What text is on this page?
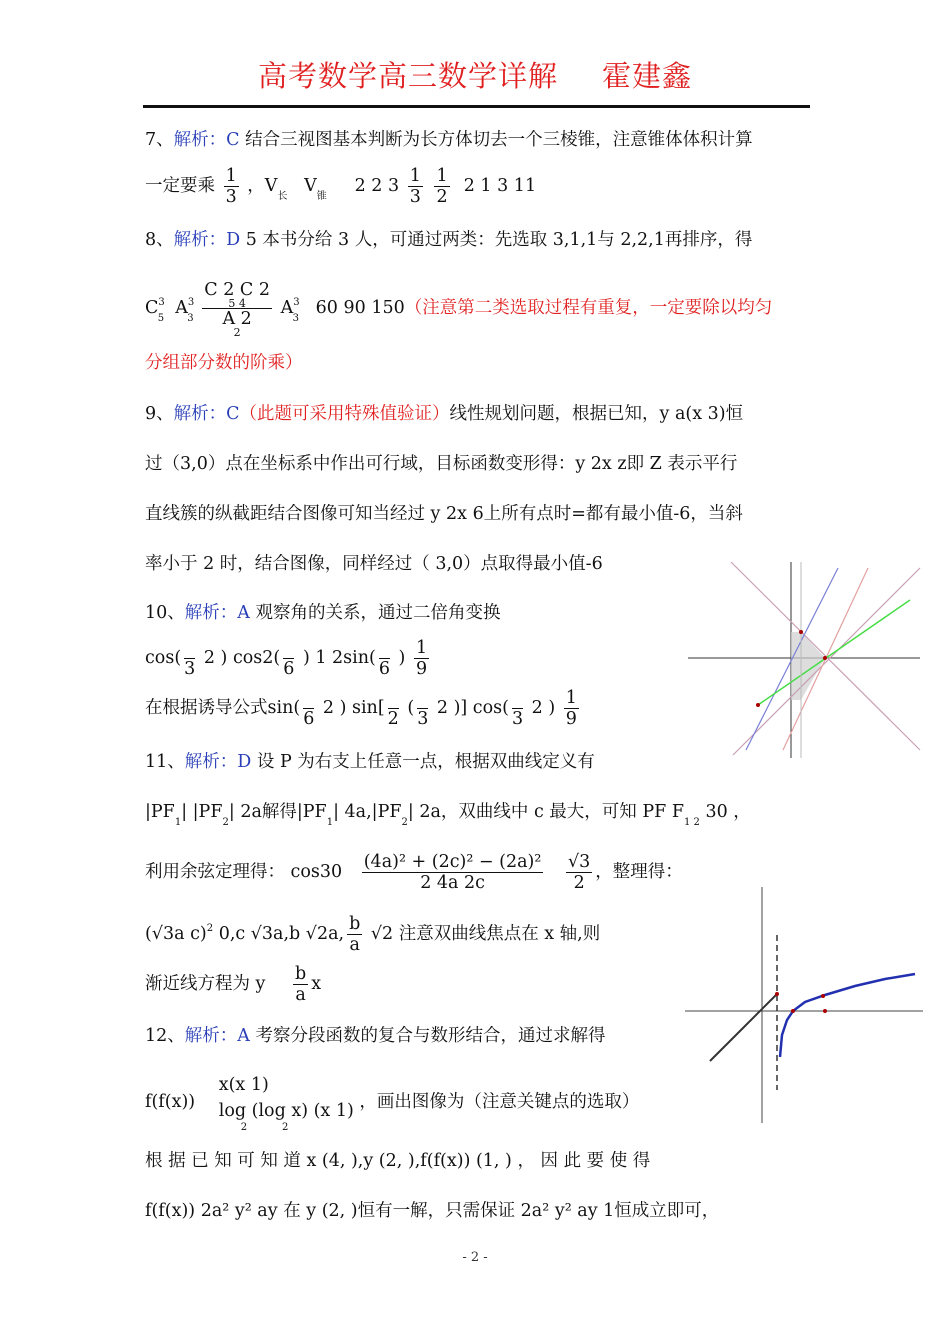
高考数学高三数学详解 霍建鑫
7、解析：C 结合三视图基本判断为长方体切去一个三棱锥，注意锥体体积计算
一定要乘 $\frac{1}{3}$ ，$V_长$   $V_锥$     2 2 $3 \frac{1}{3}$
$\frac{1}{2} 2$ 1 3 11
8、解析：D 5 本书分给 3 人，可通过两类：先选取 3,1,1与 2,2,1再排序，得
$C^3_5$  $A^3_3$
C 2 C 2

5 4
A 2

2
$A^3_3$   60 90 150（注意第二类选取过程有重复，一定要除以均匀
分组部分数的阶乘）
9、解析：C（此题可采用特殊值验证）线性规划问题，根据已知，y a(x 3)恒
过（3,0）点在坐标系中作出可行域，目标函数变形得：y 2x z即 Z 表示平行
直线簇的纵截距结合图像可知当经过 y 2x 6上所有点时=都有最小值-6，当斜
率小于 2 时，结合图像，同样经过（ 3,0）点取得最小值-6
10、解析：A 观察角的关系，通过二倍角变换
cos(

3
2 ) cos2(

6
) 1 2sin(

6
) $\frac{1}{9}$
在根据诱导公式sin(

6
2 ) sin[

2
(

3
2 )] cos(

3
2 ) $\frac{1}{9}$
11、解析：D 设 P 为右支上任意一点，根据双曲线定义有
$|PF_1|$ $|PF_2|$ 2a解得$|PF_1|$ $4a,|PF_2|$ 2a，双曲线中 c 最大，可知 PF $F_{1 2}$ 30 ，
利用余弦定理得： $\cos 30 \frac{\text{(4a)² + (2c)² − (2a)²}}{2 4a 2c}$
$\frac{√3}{2}$ ，整理得：
(√3a c)$^2$ 0,c √3a,b √2a, $\frac{b}{a} √2$ 注意双曲线焦点在 x 轴,则
渐近线方程为 y $\frac{b}{a}$ x
12、解析：A 考察分段函数的复合与数形结合，通过求解得
f(f(x))
x(x 1)
log (log x) (x 1)
2           2
，画出图像为（注意关键点的选取）
根 据 已 知 可 知 道 x (4, ),y (2, ),f(f(x)) (1, ) ， 因 此 要 使 得
f(f(x)) 2a² y² ay 在 y (2, )恒有一解，只需保证 2a² y² ay 1恒成立即可，
- 2 -
